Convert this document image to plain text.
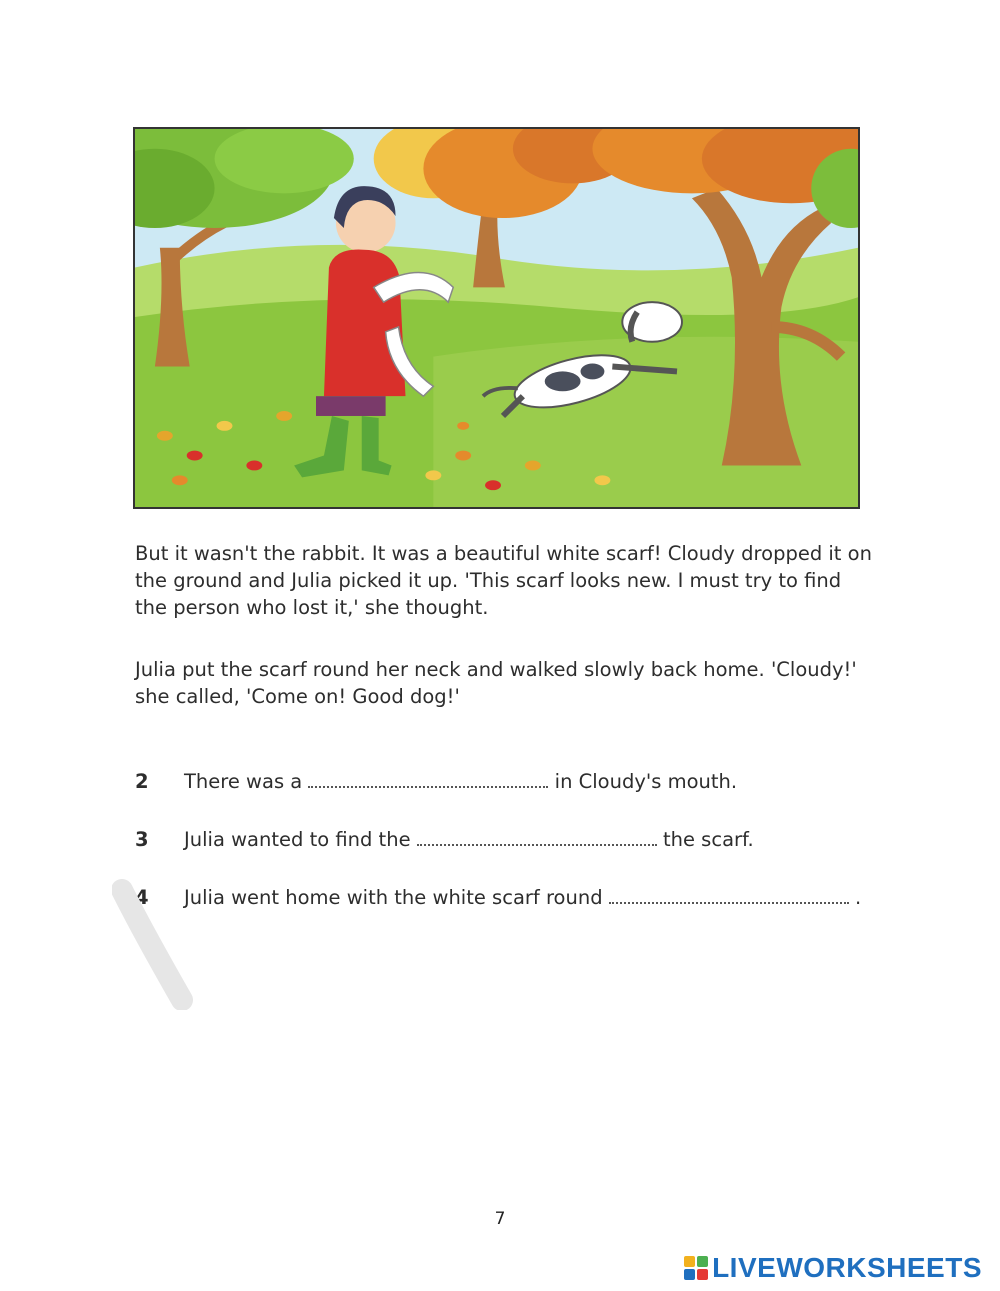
But it wasn't the rabbit. It was a beautiful white scarf! Cloudy dropped it on the ground and Julia picked it up. 'This scarf looks new. I must try to find the person who lost it,' she thought.

Julia put the scarf round her neck and walked slowly back home. 'Cloudy!' she called, 'Come on! Good dog!'

2 There was a	in Cloudy's mouth.
3 Julia wanted to find the	the scarf.
4 Julia went home with the white scarf round	.
7
LIVEWORKSHEETS
